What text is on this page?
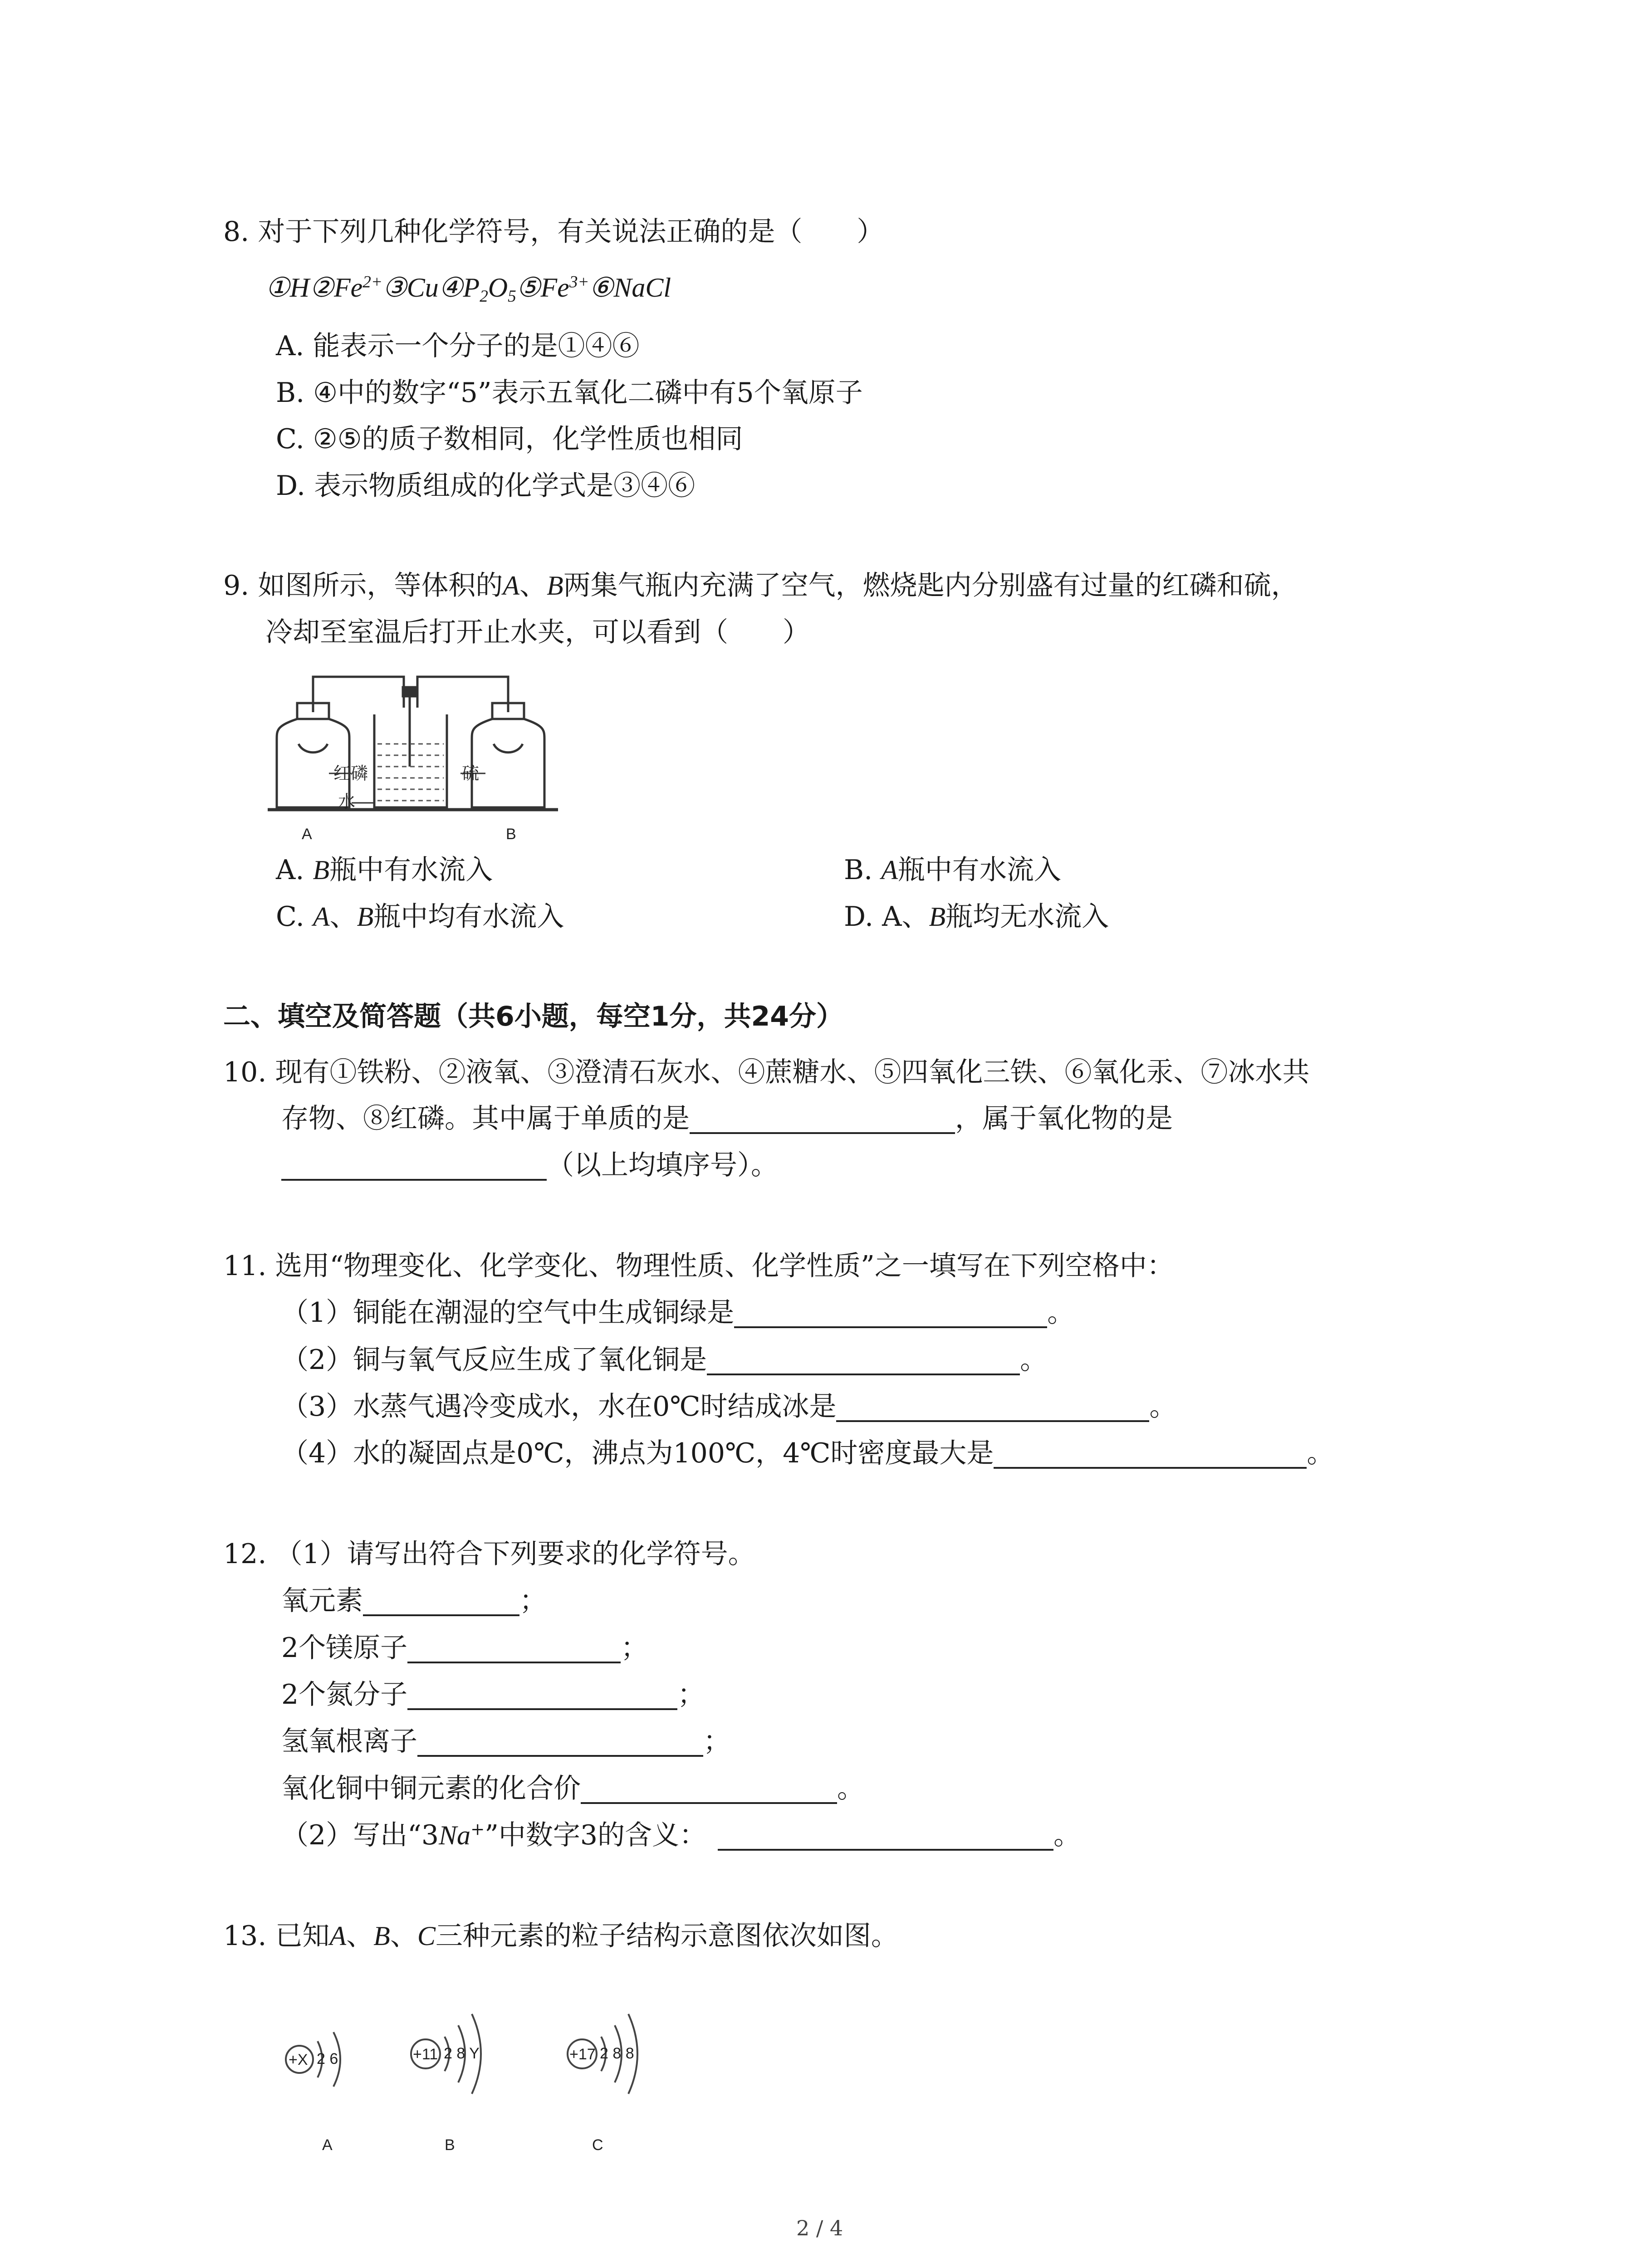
8. 对于下列几种化学符号，有关说法正确的是（　　）
$①H②Fe^{2+}③Cu④P_2O_5⑤Fe^{3+}⑥NaCl$
A. 能表示一个分子的是①④⑥
B. ④中的数字“5”表示五氧化二磷中有5个氧原子
C. ②⑤的质子数相同，化学性质也相同
D. 表示物质组成的化学式是③④⑥
9. 如图所示，等体积的A、B两集气瓶内充满了空气，燃烧匙内分别盛有过量的红磷和硫，
冷却至室温后打开止水夹，可以看到（　　）
红磷
水
硫
A	B
A. B瓶中有水流入	B. A瓶中有水流入
C. A、B瓶中均有水流入	D. A、B瓶均无水流入
二、填空及简答题（共6小题，每空1分，共24分）
10. 现有①铁粉、②液氧、③澄清石灰水、④蔗糖水、⑤四氧化三铁、⑥氧化汞、⑦冰水共
存物、⑧红磷。其中属于单质的是	，属于氧化物的是
（以上均填序号）。
11. 选用“物理变化、化学变化、物理性质、化学性质”之一填写在下列空格中：
（1）铜能在潮湿的空气中生成铜绿是	。
（2）铜与氧气反应生成了氧化铜是	。
（3）水蒸气遇冷变成水，水在0℃时结成冰是	。
（4）水的凝固点是0℃，沸点为100℃，4℃时密度最大是	。
12. （1）请写出符合下列要求的化学符号。
氧元素	；
2个镁原子	；
2个氮分子	；
氢氧根离子	；
氧化铜中铜元素的化合价	。
（2）写出“3Na+”中数字3的含义：	。
13. 已知A、B、C三种元素的粒子结构示意图依次如图。
+X 2 6
A
+11 2 8 Y
B
+17 2 8 8
C
2 / 4
